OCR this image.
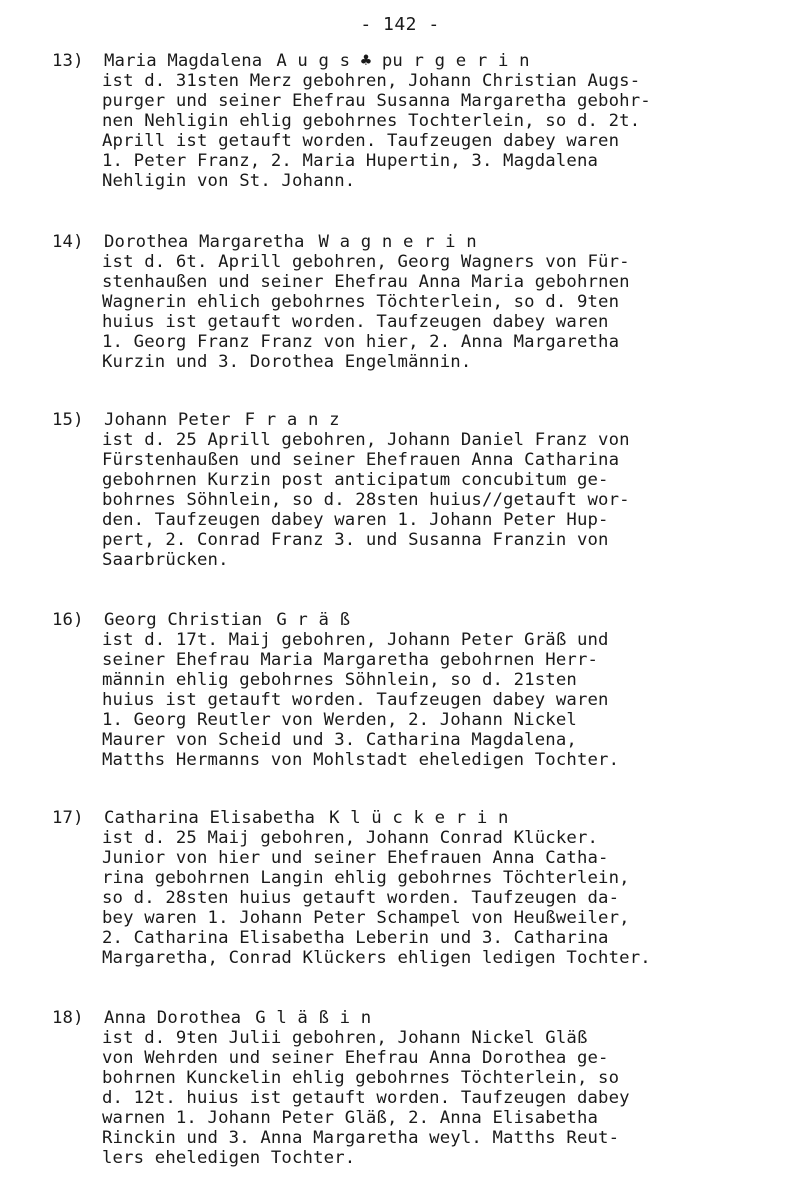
- 142 -
13) Maria Magdalena A u g s ♣ pu r g e r i n
ist d. 31sten Merz gebohren, Johann Christian Augs-
purger und seiner Ehefrau Susanna Margaretha gebohr-
nen Nehligin ehlig gebohrnes Tochterlein, so d. 2t.
Aprill ist getauft worden. Taufzeugen dabey waren
1. Peter Franz, 2. Maria Hupertin, 3. Magdalena
Nehligin von St. Johann.
14) Dorothea Margaretha W a g n e r i n
ist d. 6t. Aprill gebohren, Georg Wagners von Für-
stenhaußen und seiner Ehefrau Anna Maria gebohrnen
Wagnerin ehlich gebohrnes Töchterlein, so d. 9ten
huius ist getauft worden. Taufzeugen dabey waren
1. Georg Franz Franz von hier, 2. Anna Margaretha
Kurzin und 3. Dorothea Engelmännin.
15) Johann Peter F r a n z
ist d. 25 Aprill gebohren, Johann Daniel Franz von
Fürstenhaußen und seiner Ehefrauen Anna Catharina
gebohrnen Kurzin post anticipatum concubitum ge-
bohrnes Söhnlein, so d. 28sten huius//getauft wor-
den. Taufzeugen dabey waren 1. Johann Peter Hup-
pert, 2. Conrad Franz 3. und Susanna Franzin von
Saarbrücken.
16) Georg Christian G r ä ß
ist d. 17t. Maij gebohren, Johann Peter Gräß und
seiner Ehefrau Maria Margaretha gebohrnen Herr-
männin ehlig gebohrnes Söhnlein, so d. 21sten
huius ist getauft worden. Taufzeugen dabey waren
1. Georg Reutler von Werden, 2. Johann Nickel
Maurer von Scheid und 3. Catharina Magdalena,
Matths Hermanns von Mohlstadt eheledigen Tochter.
17) Catharina Elisabetha K l ü c k e r i n
ist d. 25 Maij gebohren, Johann Conrad Klücker.
Junior von hier und seiner Ehefrauen Anna Catha-
rina gebohrnen Langin ehlig gebohrnes Töchterlein,
so d. 28sten huius getauft worden. Taufzeugen da-
bey waren 1. Johann Peter Schampel von Heußweiler,
2. Catharina Elisabetha Leberin und 3. Catharina
Margaretha, Conrad Klückers ehligen ledigen Tochter.
18) Anna Dorothea G l ä ß i n
ist d. 9ten Julii gebohren, Johann Nickel Gläß
von Wehrden und seiner Ehefrau Anna Dorothea ge-
bohrnen Kunckelin ehlig gebohrnes Töchterlein, so
d. 12t. huius ist getauft worden. Taufzeugen dabey
warnen 1. Johann Peter Gläß, 2. Anna Elisabetha
Rinckin und 3. Anna Margaretha weyl. Matths Reut-
lers eheledigen Tochter.
